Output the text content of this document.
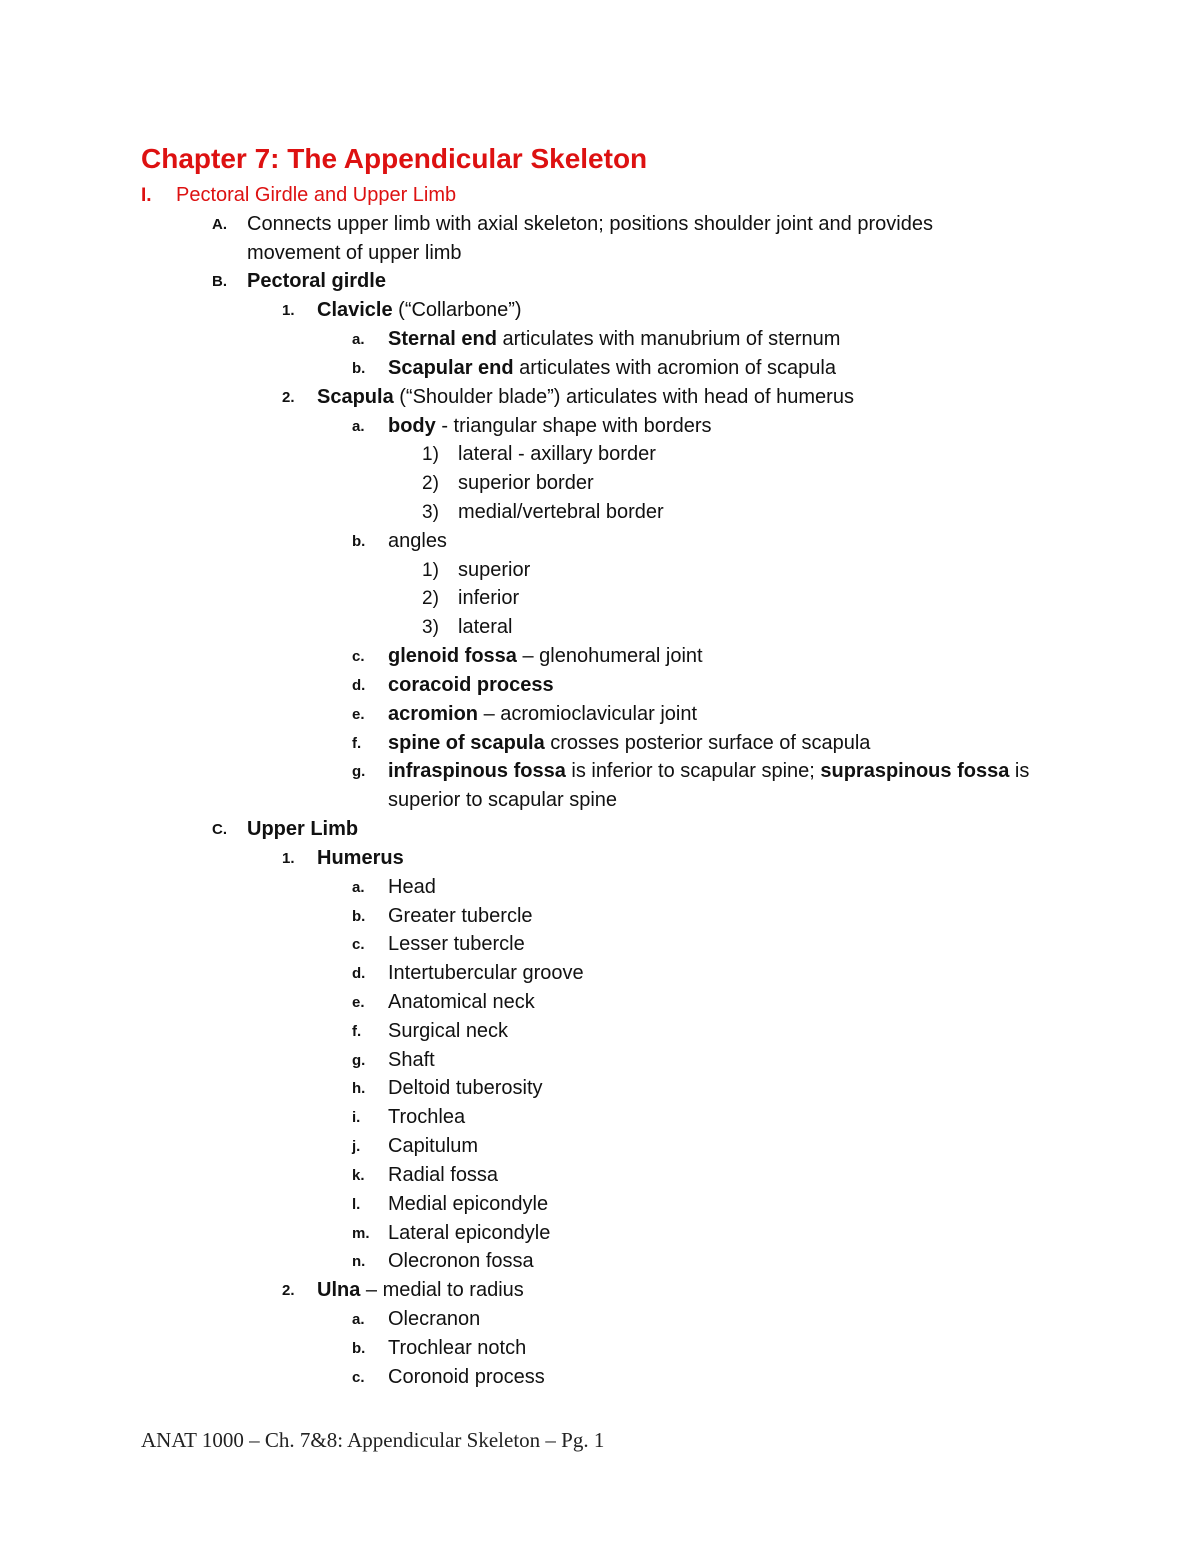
Chapter 7: The Appendicular Skeleton
I. Pectoral Girdle and Upper Limb
A. Connects upper limb with axial skeleton; positions shoulder joint and provides
movement of upper limb
B. Pectoral girdle
1. Clavicle (“Collarbone”)
a. Sternal end articulates with manubrium of sternum
b. Scapular end articulates with acromion of scapula
2. Scapula (“Shoulder blade”) articulates with head of humerus
a. body - triangular shape with borders
1) lateral - axillary border
2) superior border
3) medial/vertebral border
b. angles
1) superior
2) inferior
3) lateral
c. glenoid fossa – glenohumeral joint
d. coracoid process
e. acromion – acromioclavicular joint
f. spine of scapula crosses posterior surface of scapula
g. infraspinous fossa is inferior to scapular spine; supraspinous fossa is
superior to scapular spine
C. Upper Limb
1. Humerus
a. Head
b. Greater tubercle
c. Lesser tubercle
d. Intertubercular groove
e. Anatomical neck
f. Surgical neck
g. Shaft
h. Deltoid tuberosity
i. Trochlea
j. Capitulum
k. Radial fossa
l. Medial epicondyle
m. Lateral epicondyle
n. Olecronon fossa
2. Ulna – medial to radius
a. Olecranon
b. Trochlear notch
c. Coronoid process
ANAT 1000 – Ch. 7&8: Appendicular Skeleton – Pg. 1
